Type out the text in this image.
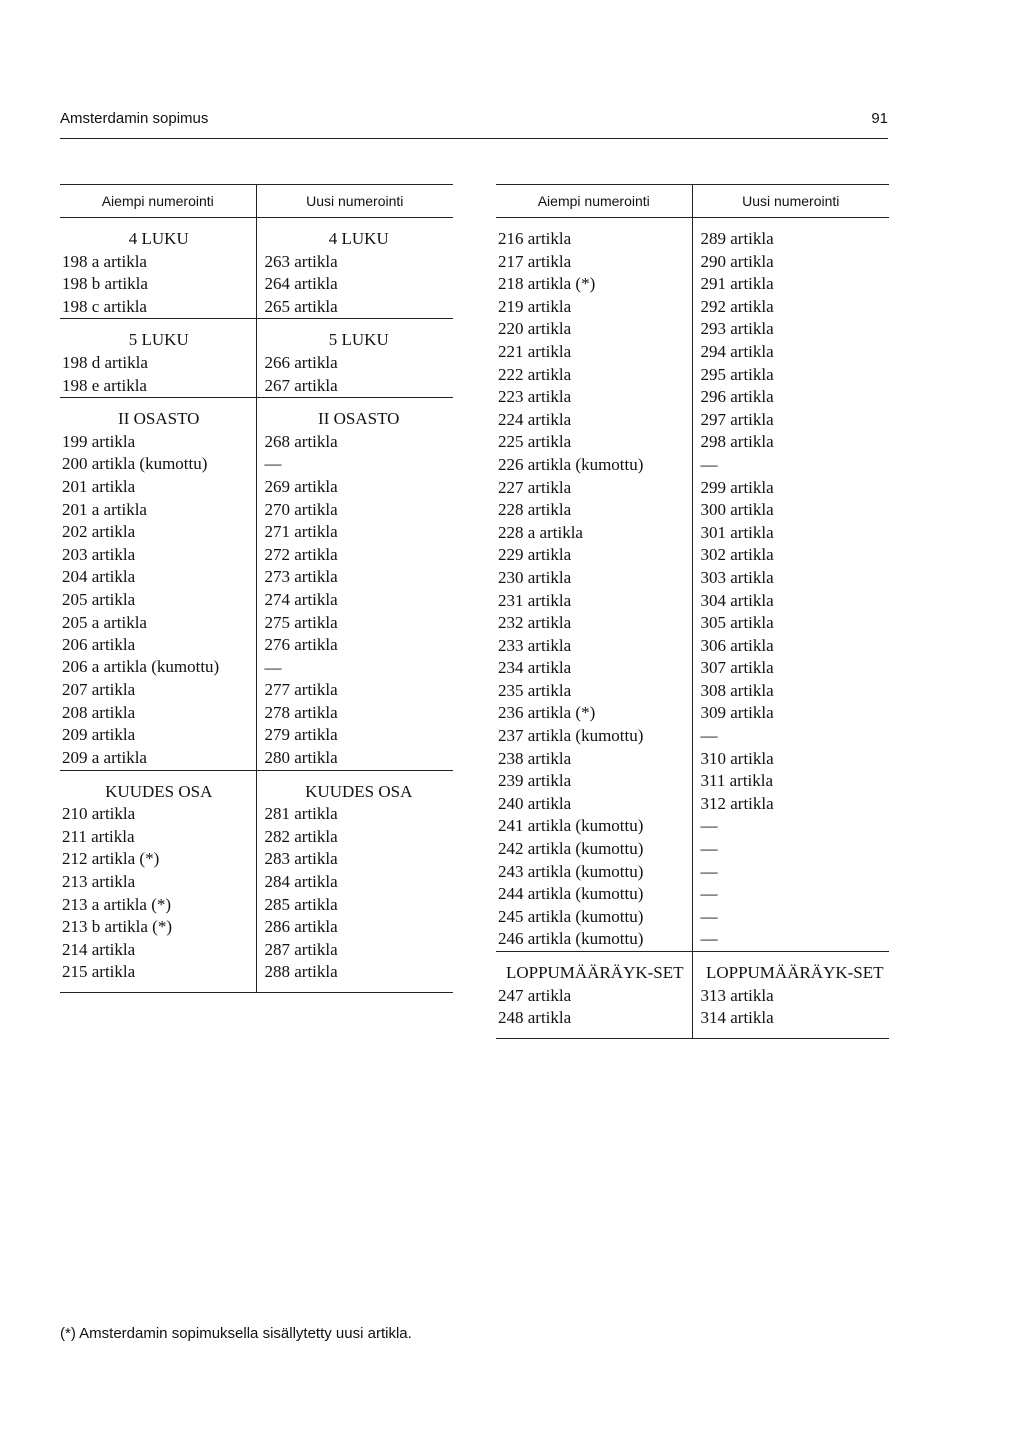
Amsterdamin sopimus	91
Aiempi numerointi	Uusi numerointi
4 LUKU	4 LUKU
198 a artikla	263 artikla
198 b artikla	264 artikla
198 c artikla	265 artikla
5 LUKU	5 LUKU
198 d artikla	266 artikla
198 e artikla	267 artikla
II OSASTO	II OSASTO
199 artikla	268 artikla
200 artikla (kumottu)	—
201 artikla	269 artikla
201 a artikla	270 artikla
202 artikla	271 artikla
203 artikla	272 artikla
204 artikla	273 artikla
205 artikla	274 artikla
205 a artikla	275 artikla
206 artikla	276 artikla
206 a artikla (kumottu)	—
207 artikla	277 artikla
208 artikla	278 artikla
209 artikla	279 artikla
209 a artikla	280 artikla
KUUDES OSA	KUUDES OSA
210 artikla	281 artikla
211 artikla	282 artikla
212 artikla (*)	283 artikla
213 artikla	284 artikla
213 a artikla (*)	285 artikla
213 b artikla (*)	286 artikla
214 artikla	287 artikla
215 artikla	288 artikla
Aiempi numerointi	Uusi numerointi
216 artikla	289 artikla
217 artikla	290 artikla
218 artikla (*)	291 artikla
219 artikla	292 artikla
220 artikla	293 artikla
221 artikla	294 artikla
222 artikla	295 artikla
223 artikla	296 artikla
224 artikla	297 artikla
225 artikla	298 artikla
226 artikla (kumottu)	—
227 artikla	299 artikla
228 artikla	300 artikla
228 a artikla	301 artikla
229 artikla	302 artikla
230 artikla	303 artikla
231 artikla	304 artikla
232 artikla	305 artikla
233 artikla	306 artikla
234 artikla	307 artikla
235 artikla	308 artikla
236 artikla (*)	309 artikla
237 artikla (kumottu)	—
238 artikla	310 artikla
239 artikla	311 artikla
240 artikla	312 artikla
241 artikla (kumottu)	—
242 artikla (kumottu)	—
243 artikla (kumottu)	—
244 artikla (kumottu)	—
245 artikla (kumottu)	—
246 artikla (kumottu)	—
LOPPUMÄÄRÄYK-SET	LOPPUMÄÄRÄYK-SET
247 artikla	313 artikla
248 artikla	314 artikla
(*) Amsterdamin sopimuksella sisällytetty uusi artikla.
